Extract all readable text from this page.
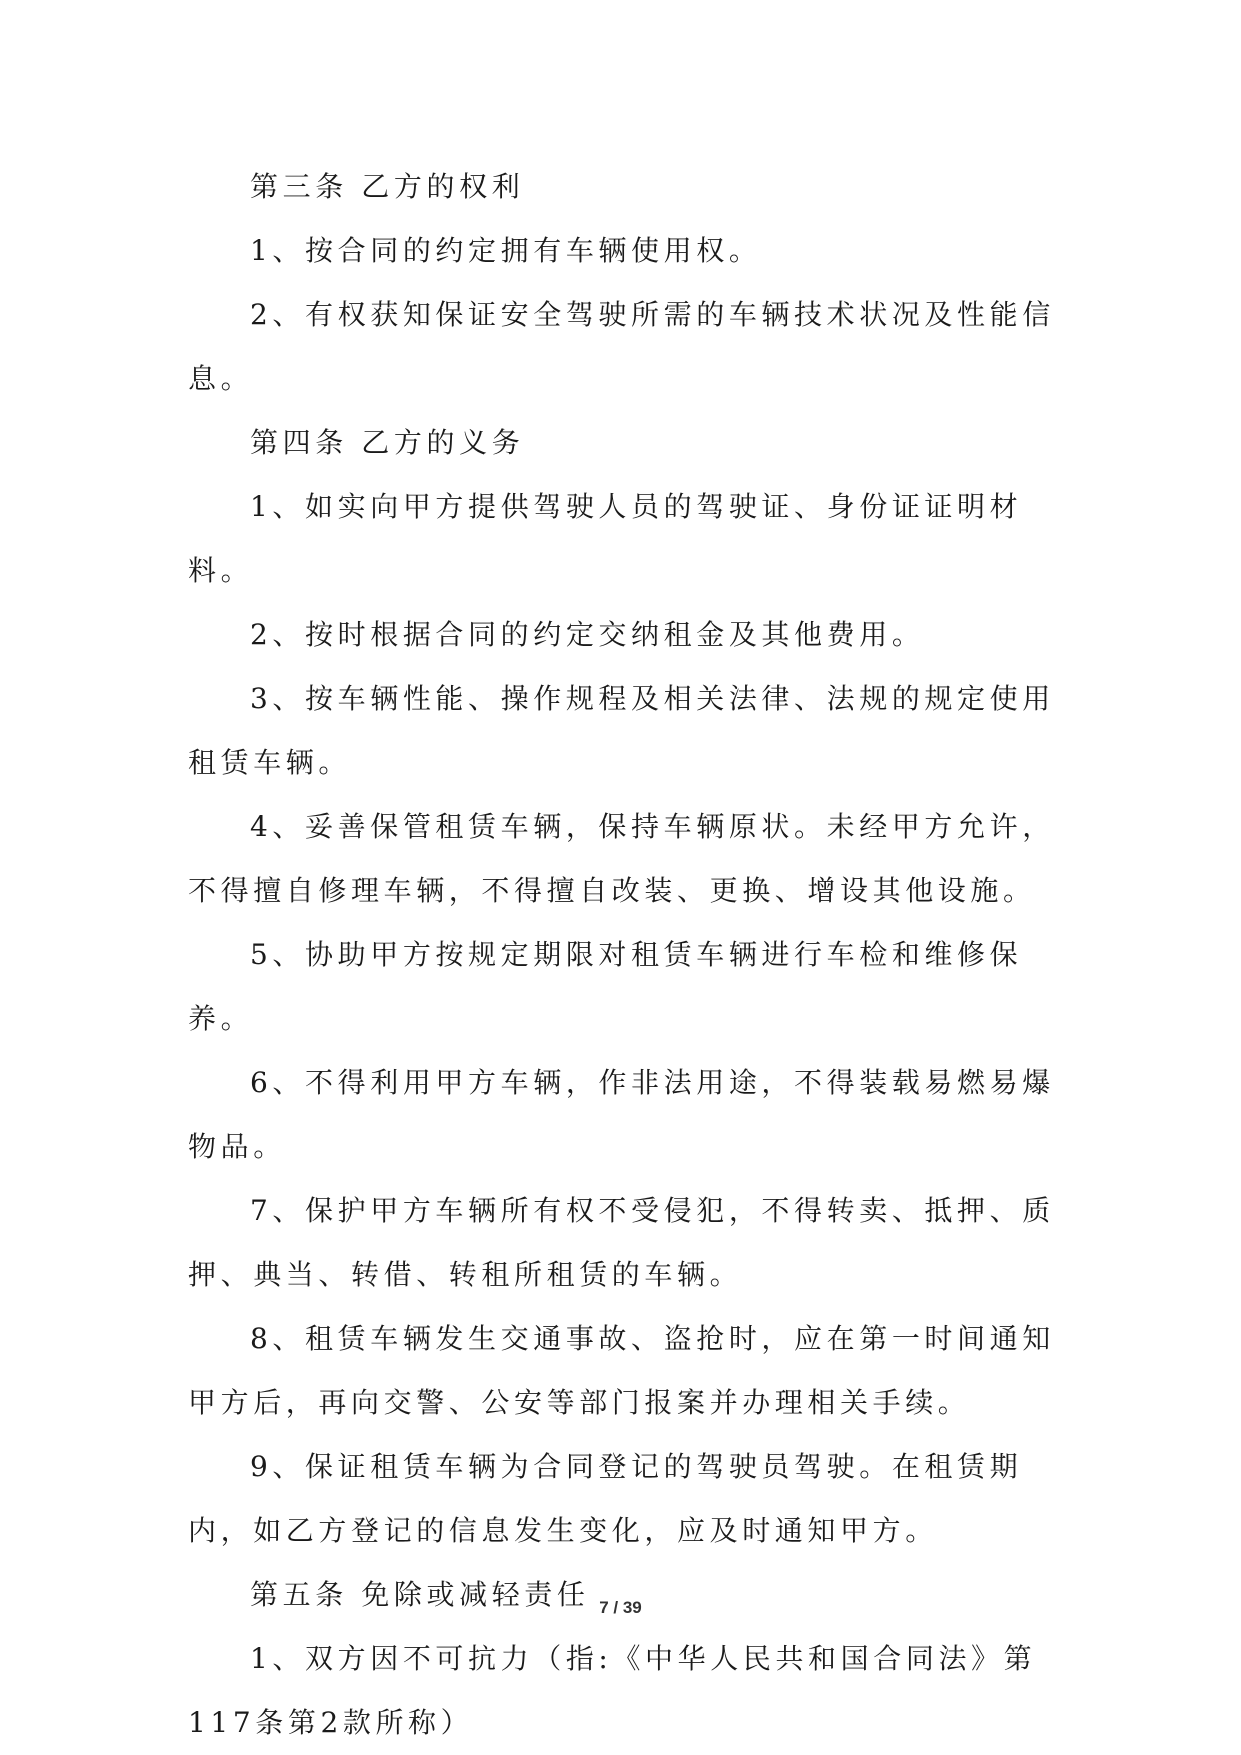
第三条 乙方的权利

1、按合同的约定拥有车辆使用权。

2、有权获知保证安全驾驶所需的车辆技术状况及性能信息。

第四条 乙方的义务

1、如实向甲方提供驾驶人员的驾驶证、身份证证明材料。

2、按时根据合同的约定交纳租金及其他费用。

3、按车辆性能、操作规程及相关法律、法规的规定使用租赁车辆。

4、妥善保管租赁车辆，保持车辆原状。未经甲方允许，不得擅自修理车辆，不得擅自改装、更换、增设其他设施。

5、协助甲方按规定期限对租赁车辆进行车检和维修保养。

6、不得利用甲方车辆，作非法用途，不得装载易燃易爆物品。

7、保护甲方车辆所有权不受侵犯，不得转卖、抵押、质押、典当、转借、转租所租赁的车辆。

8、租赁车辆发生交通事故、盗抢时，应在第一时间通知甲方后，再向交警、公安等部门报案并办理相关手续。

9、保证租赁车辆为合同登记的驾驶员驾驶。在租赁期内，如乙方登记的信息发生变化，应及时通知甲方。

第五条 免除或减轻责任

1、双方因不可抗力（指:《中华人民共和国合同法》第117条第2款所称）

7 / 39
